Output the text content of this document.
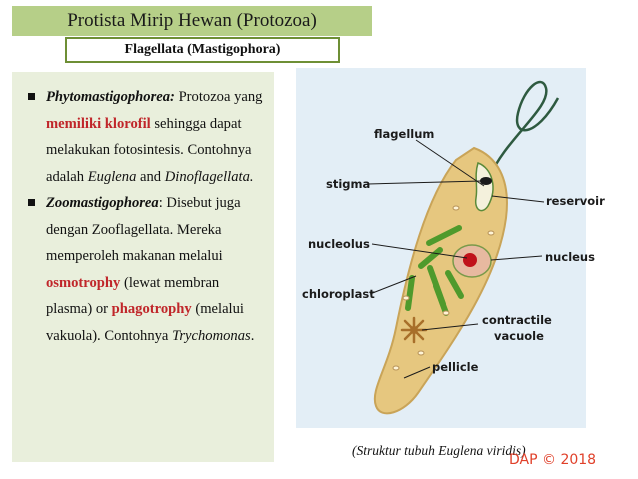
Protista Mirip Hewan (Protozoa)
Flagellata (Mastigophora)
Phytomastigophorea: Protozoa yang memiliki klorofil sehingga dapat melakukan fotosintesis. Contohnya adalah Euglena and Dinoflagellata.
Zoomastigophorea: Disebut juga dengan Zooflagellata. Mereka memperoleh makanan melalui osmotrophy (lewat membran plasma) or phagotrophy (melalui vakuola). Contohnya Trychomonas.
flagellum
stigma
reservoir
nucleolus
nucleus
chloroplast
contractile
vacuole
pellicle
(Struktur tubuh Euglena viridis)
DAP © 2018
